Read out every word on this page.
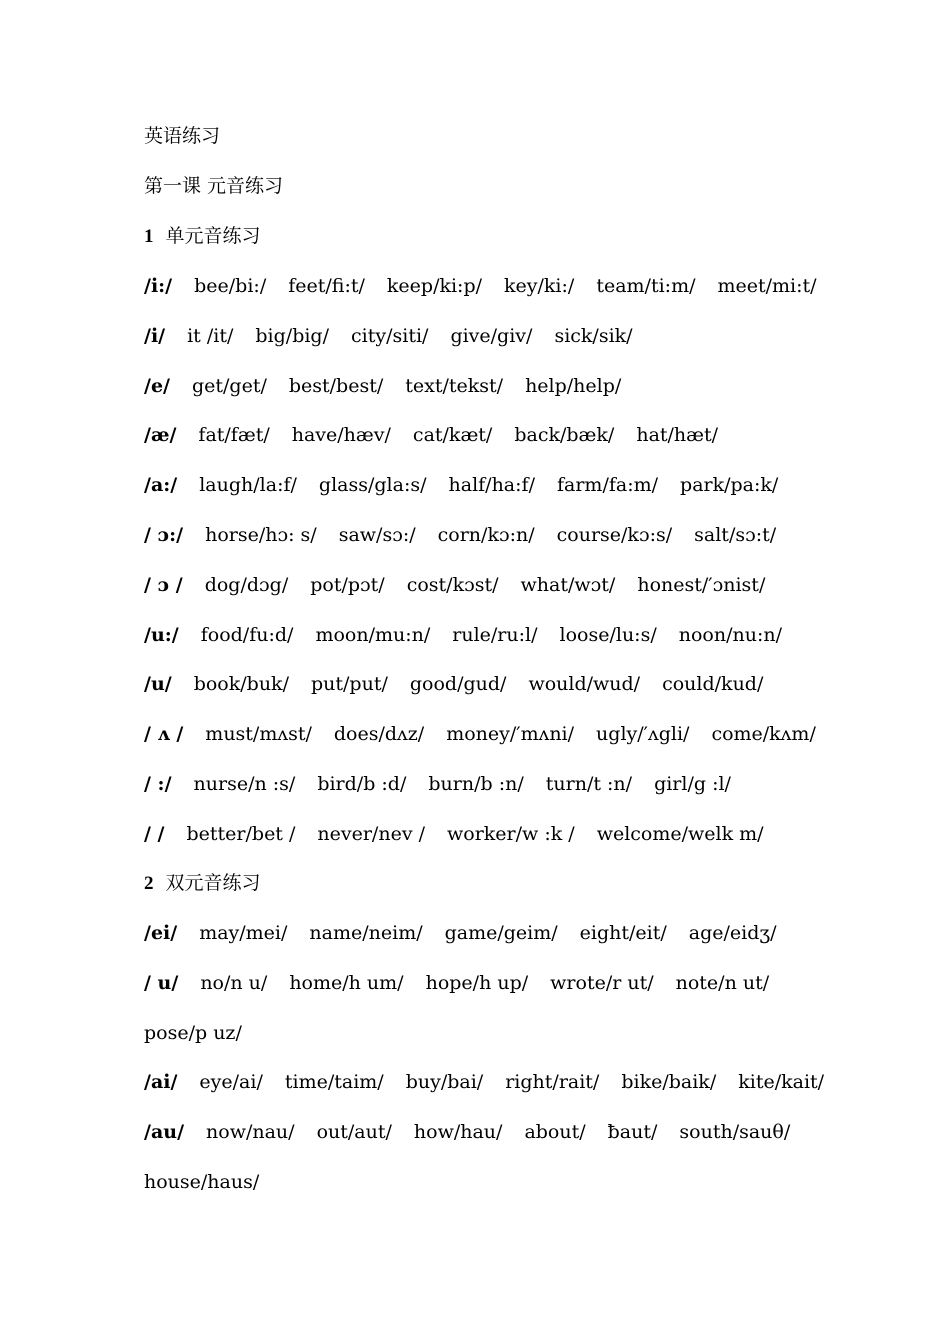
英语练习
第一课 元音练习
1 单元音练习
/i:/ bee/bi:/ feet/fi:t/ keep/ki:p/ key/ki:/ team/ti:m/ meet/mi:t/
/i/ it /it/ big/big/ city/siti/ give/giv/ sick/sik/
/e/ get/get/ best/best/ text/tekst/ help/help/
/æ/ fat/fæt/ have/hæv/ cat/kæt/ back/bæk/ hat/hæt/
/a:/ laugh/la:f/ glass/gla:s/ half/ha:f/ farm/fa:m/ park/pa:k/
/ ɔ:/ horse/hɔ: s/ saw/sɔ:/ corn/kɔ:n/ course/kɔ:s/ salt/sɔ:t/
/ ɔ / dog/dɔg/ pot/pɔt/ cost/kɔst/ what/wɔt/ honest/′ɔnist/
/u:/ food/fu:d/ moon/mu:n/ rule/ru:l/ loose/lu:s/ noon/nu:n/
/u/ book/buk/ put/put/ good/gud/ would/wud/ could/kud/
/ ʌ / must/mʌst/ does/dʌz/ money/′mʌni/ ugly/′ʌgli/ come/kʌm/
/ :/ nurse/n :s/ bird/b :d/ burn/b :n/ turn/t :n/ girl/g :l/
/ / better/bet / never/nev / worker/w :k / welcome/welk m/
2 双元音练习
/ei/ may/mei/ name/neim/ game/geim/ eight/eit/ age/eidʒ/
/ u/ no/n u/ home/h um/ hope/h up/ wrote/r ut/ note/n ut/
pose/p uz/
/ai/ eye/ai/ time/taim/ buy/bai/ right/rait/ bike/baik/ kite/kait/
/au/ now/nau/ out/aut/ how/hau/ about/ ƀaut/ south/sauθ/
house/haus/
